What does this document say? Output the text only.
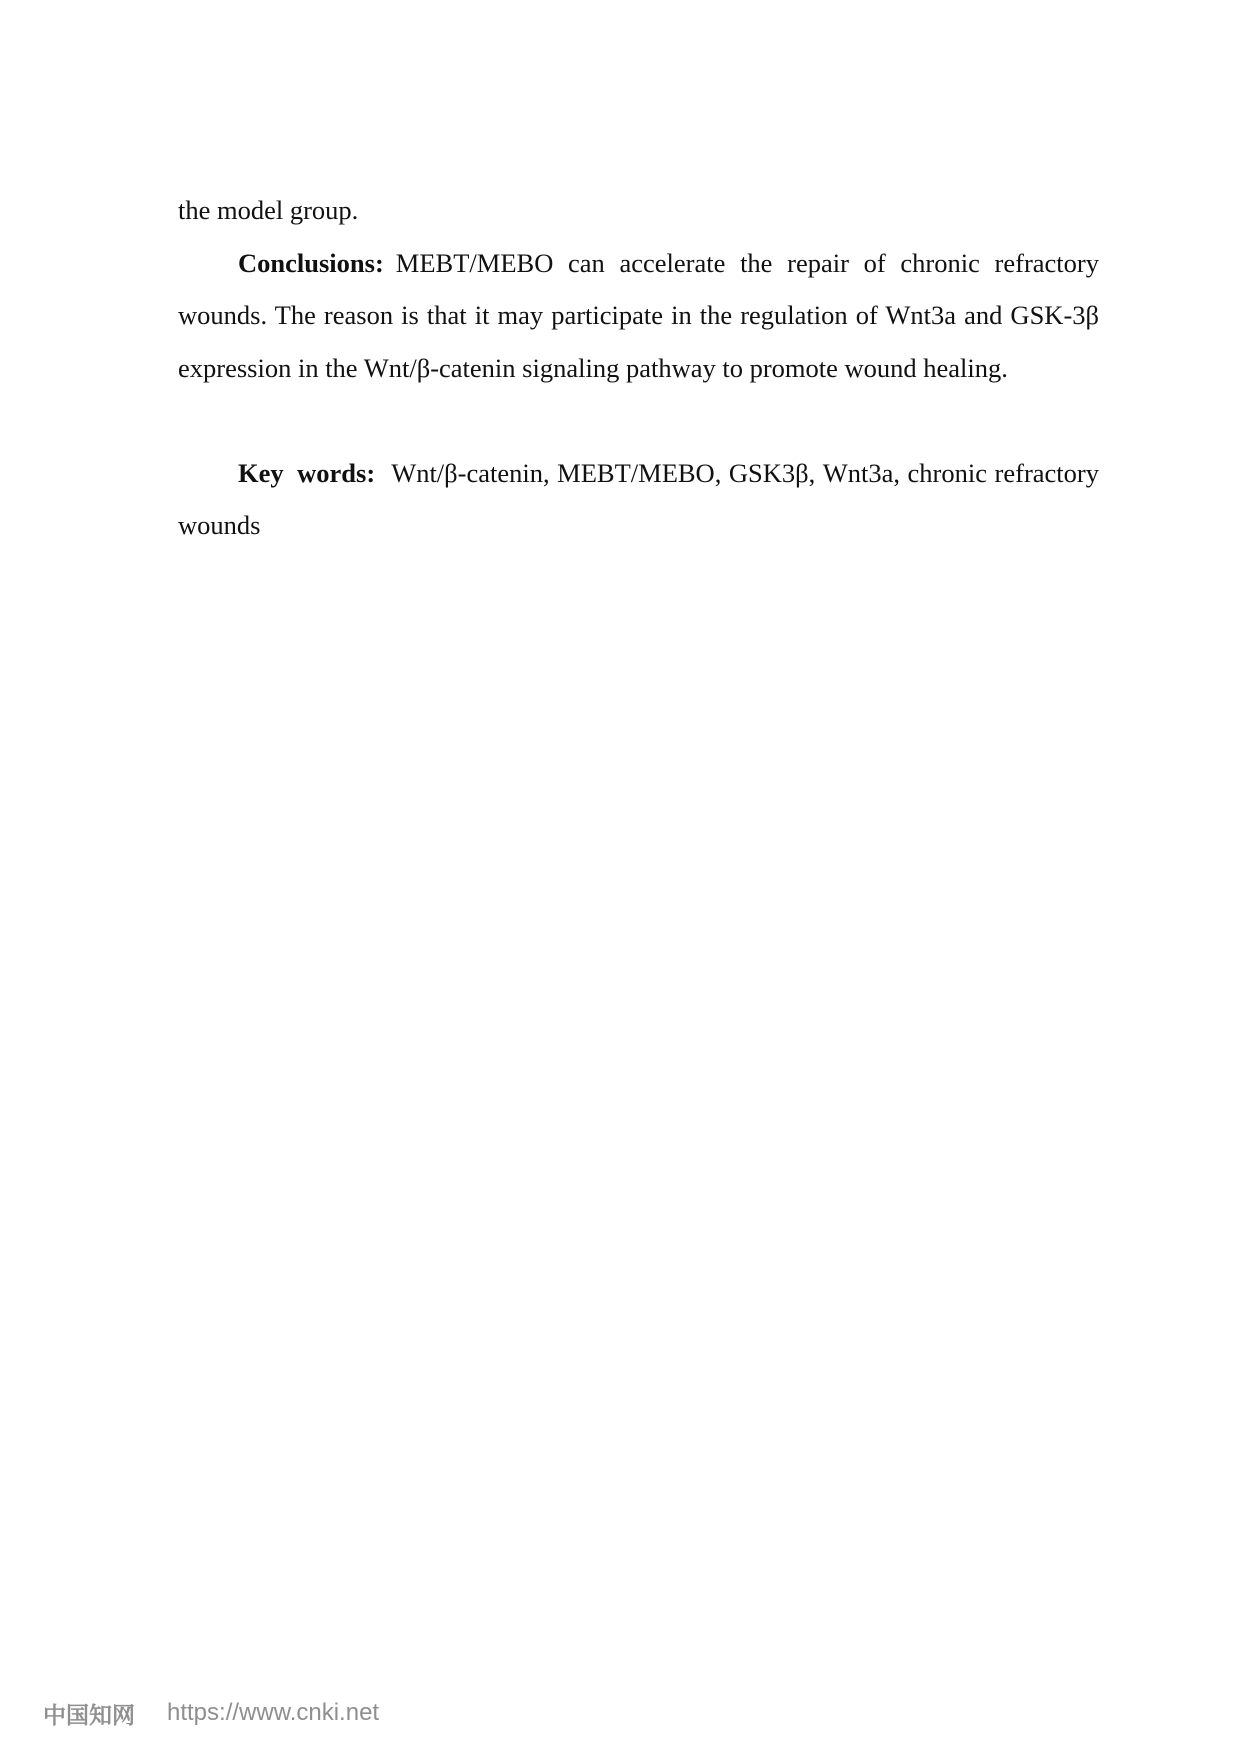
the model group.

Conclusions: MEBT/MEBO can accelerate the repair of chronic refractory wounds. The reason is that it may participate in the regulation of Wnt3a and GSK-3β expression in the Wnt/β-catenin signaling pathway to promote wound healing.

Key words: Wnt/β-catenin, MEBT/MEBO, GSK3β, Wnt3a, chronic refractory wounds

中国知网 https://www.cnki.net
